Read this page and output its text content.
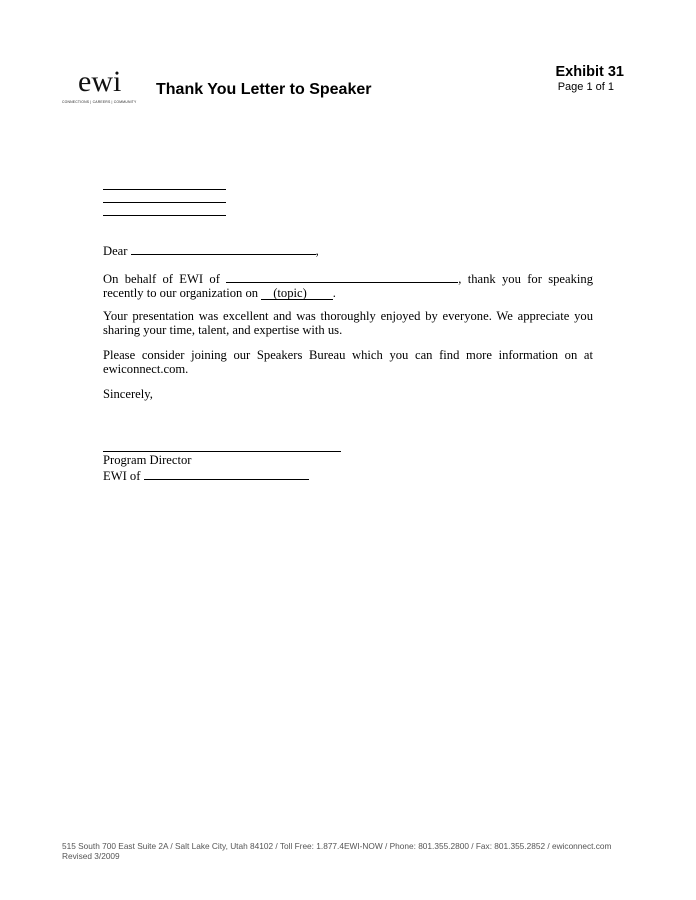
ewi
CONNECTIONS | CAREERS | COMMUNITY
Thank You Letter to Speaker
Exhibit 31
Page 1 of 1
Dear	,
On behalf of EWI of	, thank you for speaking recently to our organization on (topic) .
Your presentation was excellent and was thoroughly enjoyed by everyone. We appreciate you sharing your time, talent, and expertise with us.
Please consider joining our Speakers Bureau which you can find more information on at ewiconnect.com.
Sincerely,
Program Director
EWI of
515 South 700 East Suite 2A / Salt Lake City, Utah 84102 / Toll Free: 1.877.4EWI-NOW / Phone: 801.355.2800 / Fax: 801.355.2852 / ewiconnect.com
Revised 3/2009
